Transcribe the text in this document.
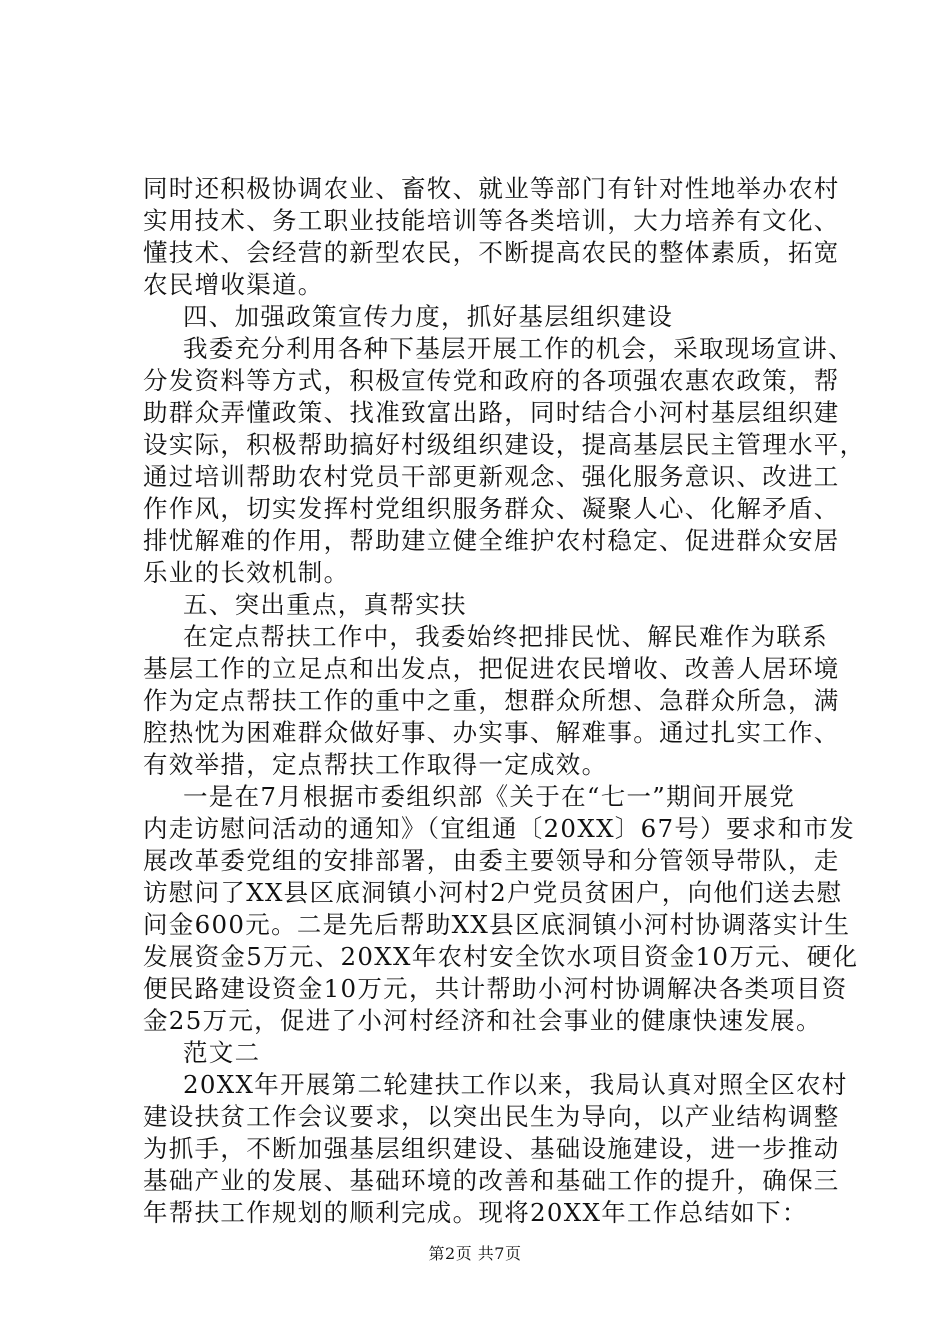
同时还积极协调农业、畜牧、就业等部门有针对性地举办农村
实用技术、务工职业技能培训等各类培训，大力培养有文化、
懂技术、会经营的新型农民，不断提高农民的整体素质，拓宽
农民增收渠道。
四、加强政策宣传力度，抓好基层组织建设
我委充分利用各种下基层开展工作的机会，采取现场宣讲、
分发资料等方式，积极宣传党和政府的各项强农惠农政策，帮
助群众弄懂政策、找准致富出路，同时结合小河村基层组织建
设实际，积极帮助搞好村级组织建设，提高基层民主管理水平，
通过培训帮助农村党员干部更新观念、强化服务意识、改进工
作作风，切实发挥村党组织服务群众、凝聚人心、化解矛盾、
排忧解难的作用，帮助建立健全维护农村稳定、促进群众安居
乐业的长效机制。
五、突出重点，真帮实扶
在定点帮扶工作中，我委始终把排民忧、解民难作为联系
基层工作的立足点和出发点，把促进农民增收、改善人居环境
作为定点帮扶工作的重中之重，想群众所想、急群众所急，满
腔热忱为困难群众做好事、办实事、解难事。通过扎实工作、
有效举措，定点帮扶工作取得一定成效。
一是在7月根据市委组织部《关于在“七一”期间开展党
内走访慰问活动的通知》（宜组通〔20XX〕67号）要求和市发
展改革委党组的安排部署，由委主要领导和分管领导带队，走
访慰问了XX县区底洞镇小河村2户党员贫困户，向他们送去慰
问金600元。二是先后帮助XX县区底洞镇小河村协调落实计生
发展资金5万元、20XX年农村安全饮水项目资金10万元、硬化
便民路建设资金10万元，共计帮助小河村协调解决各类项目资
金25万元，促进了小河村经济和社会事业的健康快速发展。
范文二
20XX年开展第二轮建扶工作以来，我局认真对照全区农村
建设扶贫工作会议要求，以突出民生为导向，以产业结构调整
为抓手，不断加强基层组织建设、基础设施建设，进一步推动
基础产业的发展、基础环境的改善和基础工作的提升，确保三
年帮扶工作规划的顺利完成。现将20XX年工作总结如下：
第2页 共7页
